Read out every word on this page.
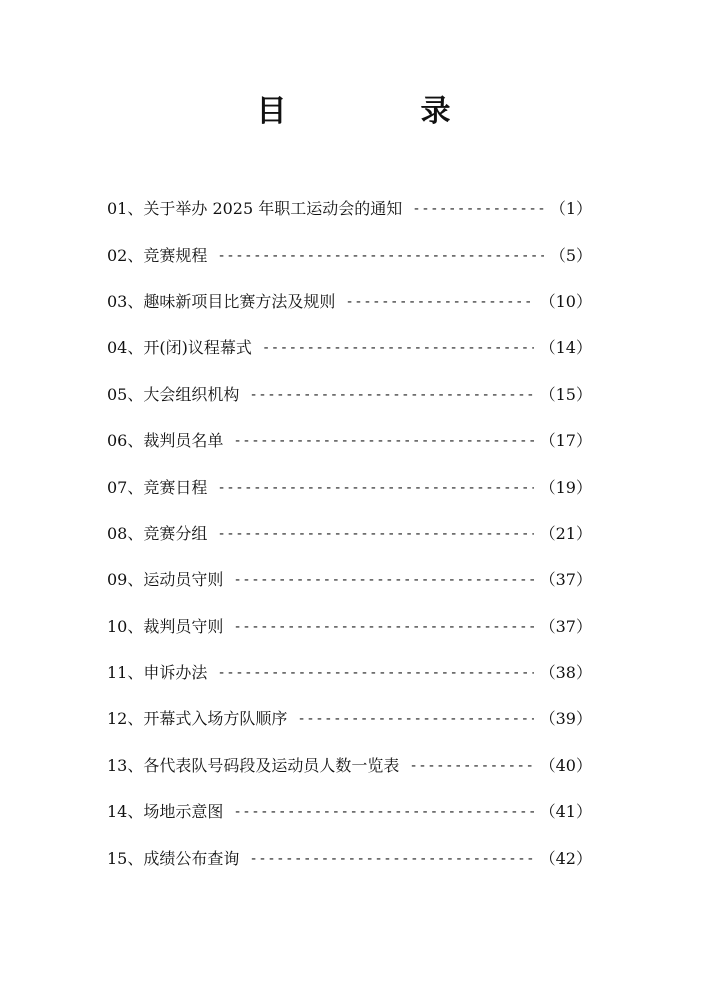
目　录
01、关于举办 2025 年职工运动会的通知 -----	（1）
02、竞赛规程 -----	（5）
03、趣味新项目比赛方法及规则 -----	（10）
04、开(闭)议程幕式 -----	（14）
05、大会组织机构 -----	（15）
06、裁判员名单 -----	（17）
07、竞赛日程 -----	（19）
08、竞赛分组 -----	（21）
09、运动员守则 -----	（37）
10、裁判员守则 -----	（37）
11、申诉办法 -----	（38）
12、开幕式入场方队顺序 -----	（39）
13、各代表队号码段及运动员人数一览表 -----	（40）
14、场地示意图 -----	（41）
15、成绩公布查询 -----	（42）
